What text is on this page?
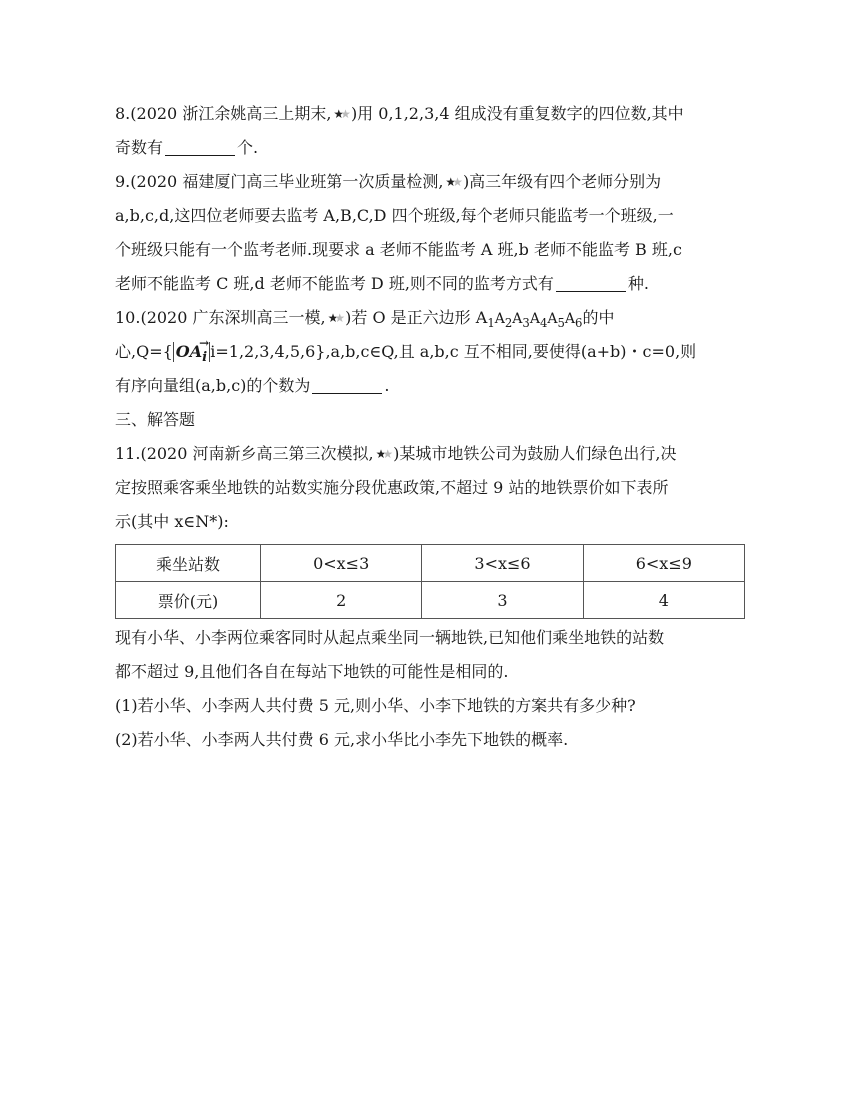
8.(2020 浙江余姚高三上期末, ★★ )用 0,1,2,3,4 组成没有重复数字的四位数,其中
奇数有	个.
9.(2020 福建厦门高三毕业班第一次质量检测, ★★ )高三年级有四个老师分别为
a,b,c,d,这四位老师要去监考 A,B,C,D 四个班级,每个老师只能监考一个班级,一
个班级只能有一个监考老师.现要求 a 老师不能监考 A 班,b 老师不能监考 B 班,c
老师不能监考 C 班,d 老师不能监考 D 班,则不同的监考方式有	种.
10.(2020 广东深圳高三一模, ★★ )若 O 是正六边形 $A_1A_2A_3A_4A_5A_6$的中
心,Q={	→
$OA_i$ i=1,2,3,4,5,6},a,b,c∈Q,且 a,b,c 互不相同,要使得(a+b)・c=0,则
有序向量组(a,b,c)的个数为	.
三、解答题
11.(2020 河南新乡高三第三次模拟, ★★ )某城市地铁公司为鼓励人们绿色出行,决
定按照乘客乘坐地铁的站数实施分段优惠政策,不超过 9 站的地铁票价如下表所
示(其中 x∈N*):
乘坐站数	0<x≤3	3<x≤6	6<x≤9
票价(元)	2	3	4
现有小华、小李两位乘客同时从起点乘坐同一辆地铁,已知他们乘坐地铁的站数
都不超过 9,且他们各自在每站下地铁的可能性是相同的.
(1)若小华、小李两人共付费 5 元,则小华、小李下地铁的方案共有多少种?
(2)若小华、小李两人共付费 6 元,求小华比小李先下地铁的概率.
